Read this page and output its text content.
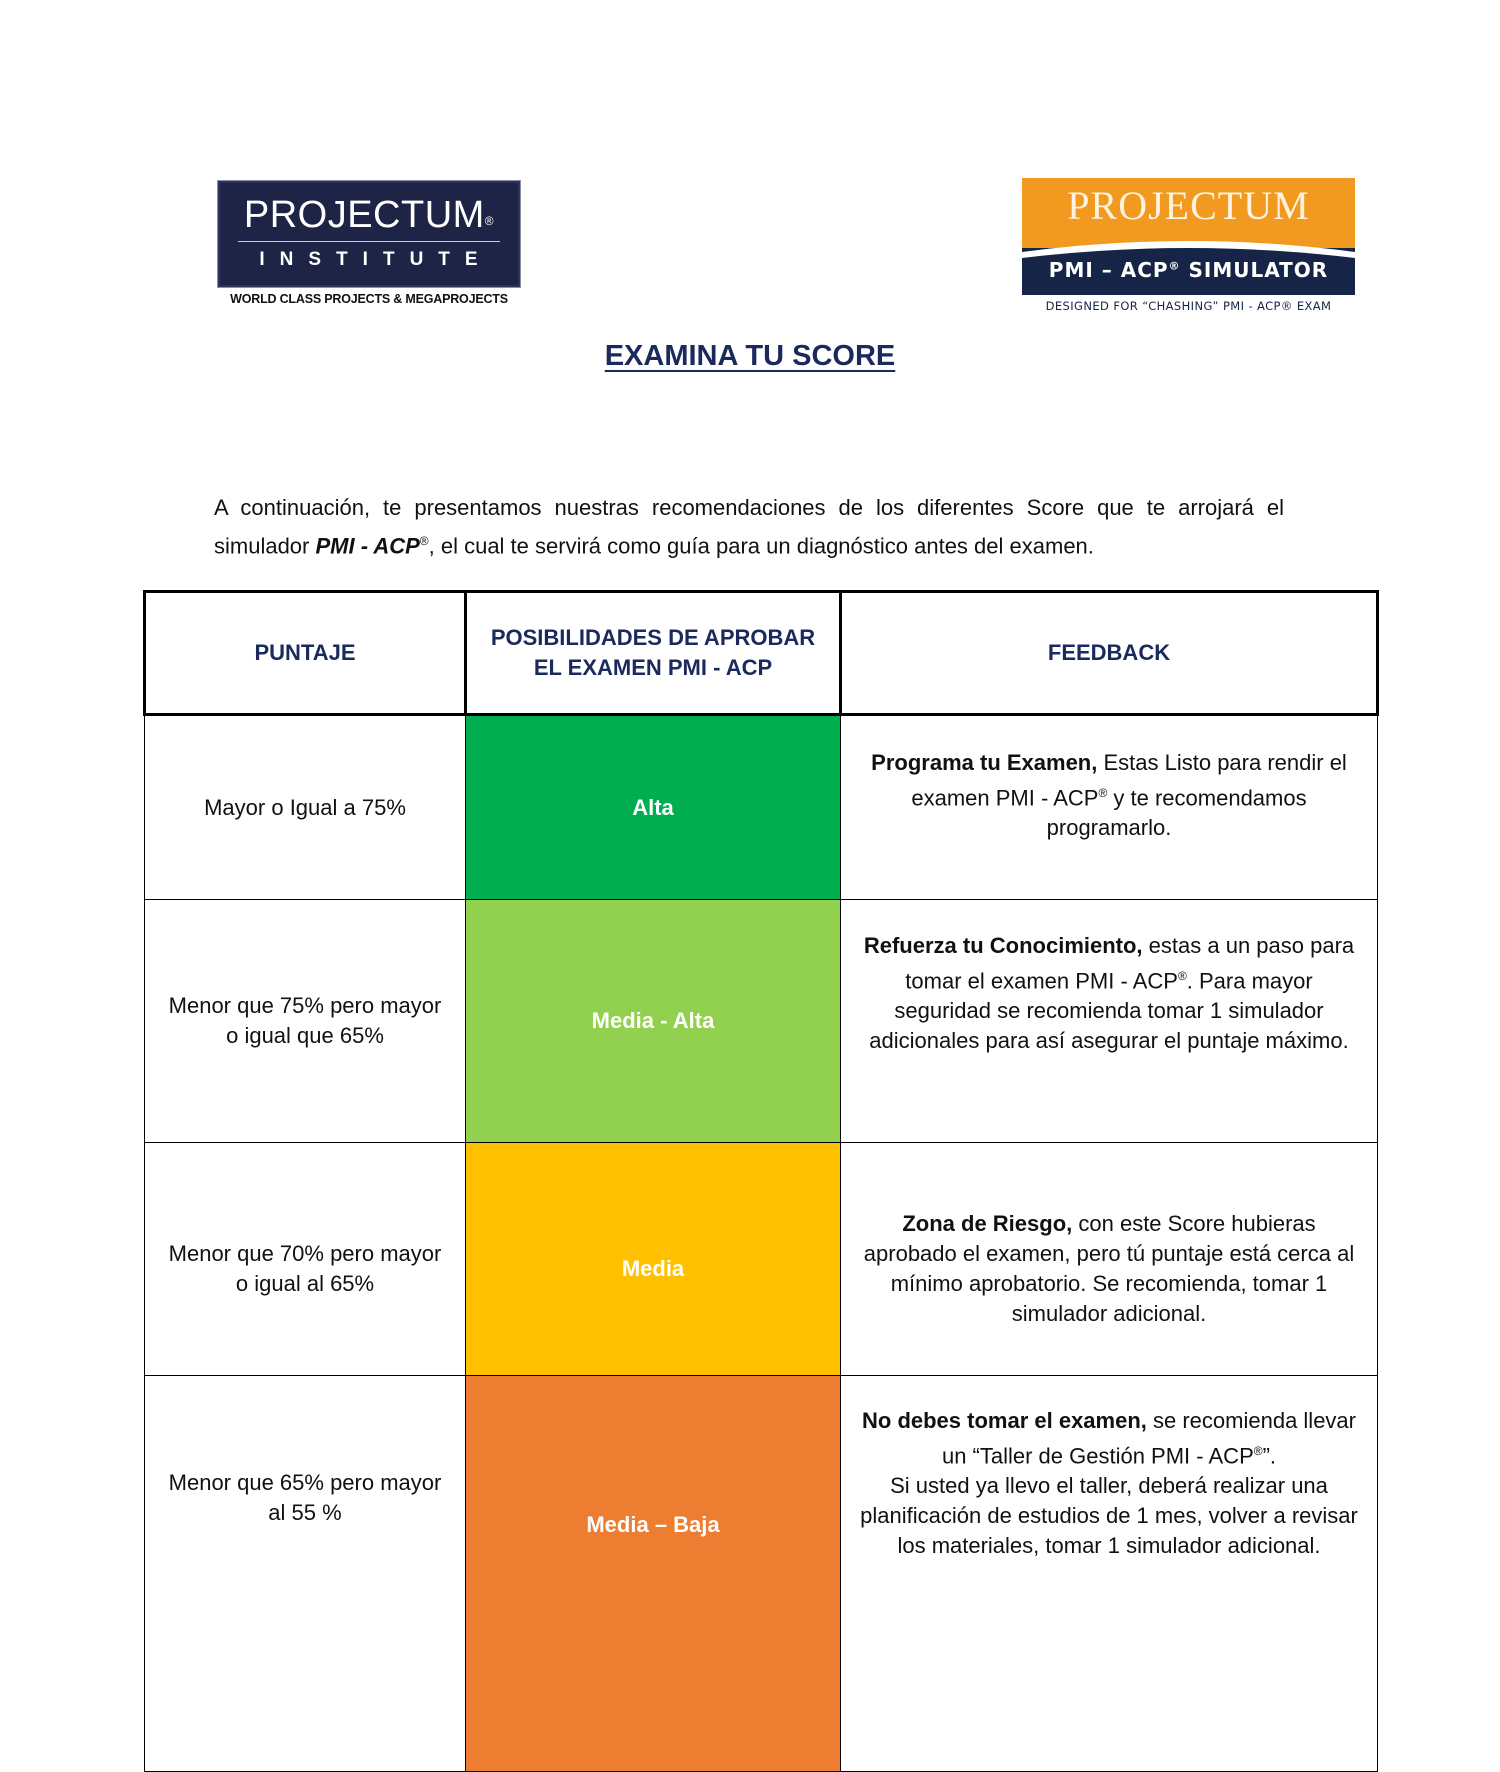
PROJECTUM®
INSTITUTE
WORLD CLASS PROJECTS & MEGAPROJECTS
PROJECTUM
PMI – ACP® SIMULATOR
DESIGNED FOR “CHASHING” PMI - ACP® EXAM
EXAMINA TU SCORE

A continuación, te presentamos nuestras recomendaciones de los diferentes Score que te arrojará el simulador PMI - ACP®, el cual te servirá como guía para un diagnóstico antes del examen.

PUNTAJE	POSIBILIDADES DE APROBAR EL EXAMEN PMI - ACP	FEEDBACK
Mayor o Igual a 75%	Alta	Programa tu Examen, Estas Listo para rendir el examen PMI - ACP® y te recomendamos programarlo.
Menor que 75% pero mayor o igual que 65%	Media - Alta	Refuerza tu Conocimiento, estas a un paso para tomar el examen PMI - ACP®. Para mayor seguridad se recomienda tomar 1 simulador adicionales para así asegurar el puntaje máximo.
Menor que 70% pero mayor o igual al 65%	Media	Zona de Riesgo, con este Score hubieras aprobado el examen, pero tú puntaje está cerca al mínimo aprobatorio. Se recomienda, tomar 1 simulador adicional.
Menor que 65% pero mayor al 55 %	Media – Baja	No debes tomar el examen, se recomienda llevar un “Taller de Gestión PMI - ACP®”.
Si usted ya llevo el taller, deberá realizar una planificación de estudios de 1 mes, volver a revisar los materiales, tomar 1 simulador adicional.
